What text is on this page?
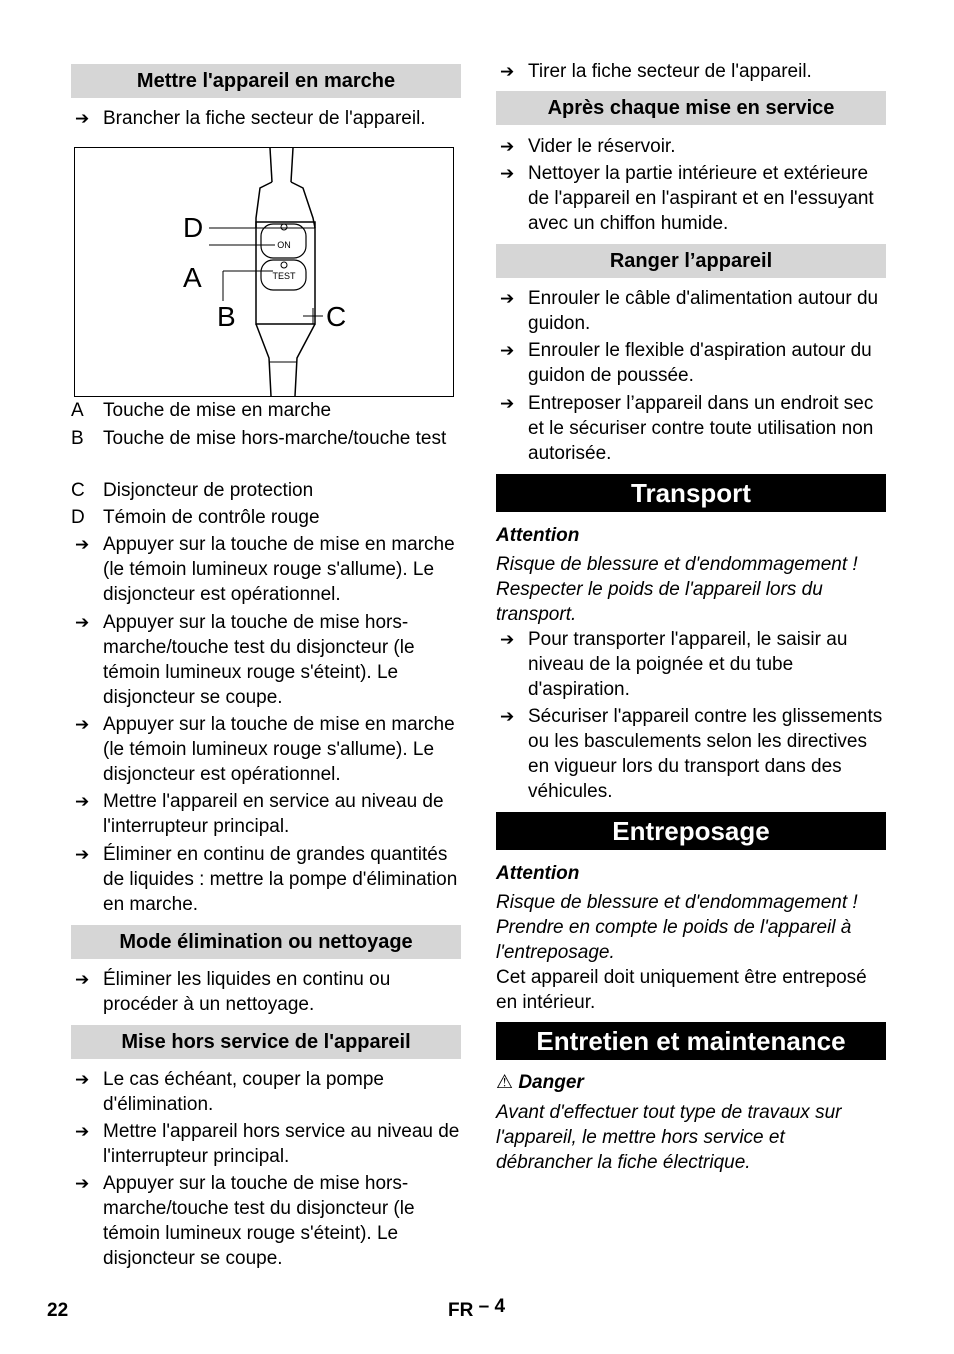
Mettre l'appareil en marche
➔ Brancher la fiche secteur de l'appareil.
ON
TEST
D
A
B	C
A Touche de mise en marche
B Touche de mise hors-marche/touche test
C Disjoncteur de protection
D Témoin de contrôle rouge
➔ Appuyer sur la touche de mise en marche (le témoin lumineux rouge s'allume). Le disjoncteur est opérationnel.
➔ Appuyer sur la touche de mise hors-marche/touche test du disjoncteur (le témoin lumineux rouge s'éteint). Le disjoncteur se coupe.
➔ Appuyer sur la touche de mise en marche (le témoin lumineux rouge s'allume). Le disjoncteur est opérationnel.
➔ Mettre l'appareil en service au niveau de l'interrupteur principal.
➔ Éliminer en continu de grandes quantités de liquides : mettre la pompe d'élimination en marche.
Mode élimination ou nettoyage
➔ Éliminer les liquides en continu ou procéder à un nettoyage.
Mise hors service de l'appareil
➔ Le cas échéant, couper la pompe d'élimination.
➔ Mettre l'appareil hors service au niveau de l'interrupteur principal.
➔ Appuyer sur la touche de mise hors-marche/touche test du disjoncteur (le témoin lumineux rouge s'éteint). Le disjoncteur se coupe.
➔ Tirer la fiche secteur de l'appareil.
Après chaque mise en service
➔ Vider le réservoir.
➔ Nettoyer la partie intérieure et extérieure de l'appareil en l'aspirant et en l'essuyant avec un chiffon humide.
Ranger l’appareil
➔ Enrouler le câble d'alimentation autour du guidon.
➔ Enrouler le flexible d'aspiration autour du guidon de poussée.
➔ Entreposer l’appareil dans un endroit sec et le sécuriser contre toute utilisation non autorisée.
Transport
Attention
Risque de blessure et d'endommagement ! Respecter le poids de l'appareil lors du transport.
➔ Pour transporter l'appareil, le saisir au niveau de la poignée et du tube d'aspiration.
➔ Sécuriser l'appareil contre les glissements ou les basculements selon les directives en vigueur lors du transport dans des véhicules.
Entreposage
Attention
Risque de blessure et d'endommagement ! Prendre en compte le poids de l'appareil à l'entreposage.
Cet appareil doit uniquement être entreposé en intérieur.
Entretien et maintenance
⚠ Danger
Avant d'effectuer tout type de travaux sur l'appareil, le mettre hors service et débrancher la fiche électrique.
22	FR – 4
